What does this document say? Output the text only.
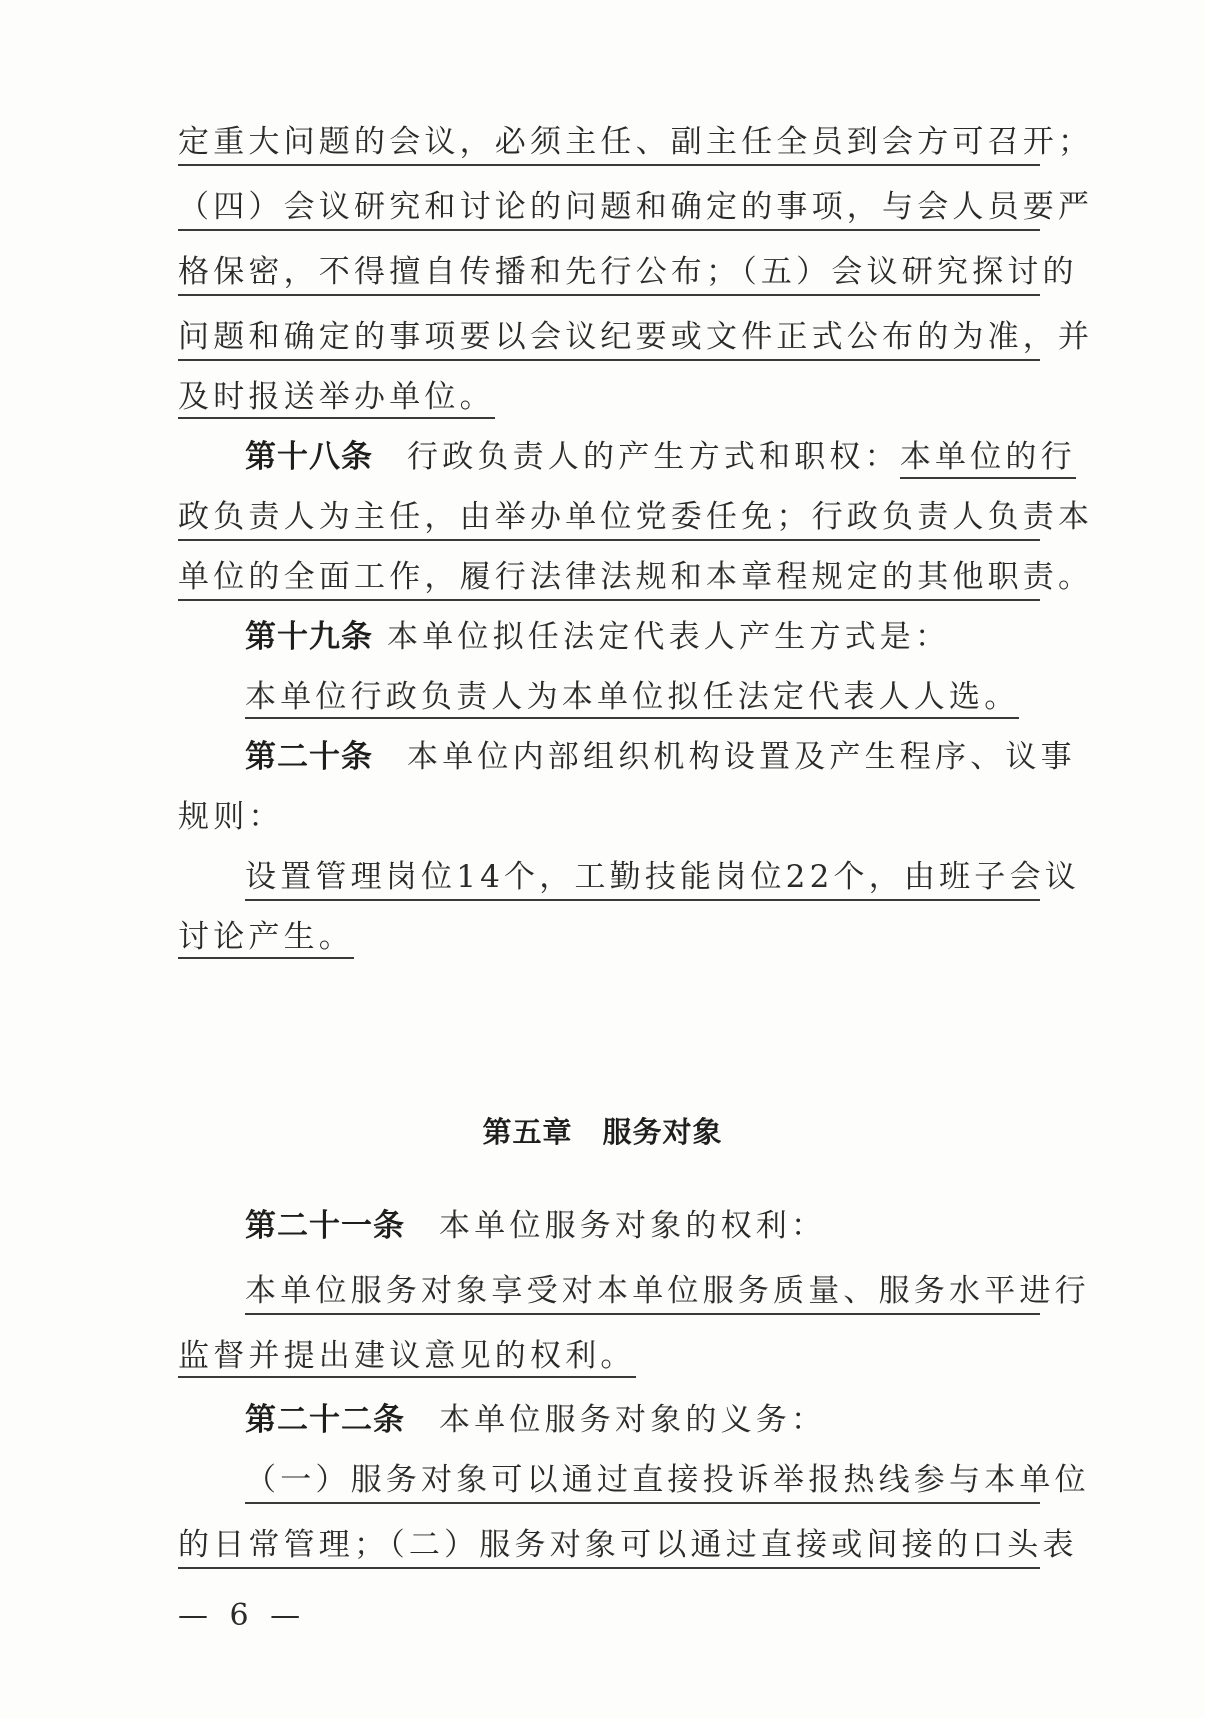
定重大问题的会议，必须主任、副主任全员到会方可召开；
（四）会议研究和讨论的问题和确定的事项，与会人员要严
格保密，不得擅自传播和先行公布；（五）会议研究探讨的
问题和确定的事项要以会议纪要或文件正式公布的为准，并
及时报送举办单位。
第十八条 行政负责人的产生方式和职权：本单位的行
政负责人为主任，由举办单位党委任免；行政负责人负责本
单位的全面工作，履行法律法规和本章程规定的其他职责。
第十九条 本单位拟任法定代表人产生方式是：
本单位行政负责人为本单位拟任法定代表人人选。
第二十条 本单位内部组织机构设置及产生程序、议事
规则：
设置管理岗位14个，工勤技能岗位22个，由班子会议
讨论产生。
第五章 服务对象
第二十一条 本单位服务对象的权利：
本单位服务对象享受对本单位服务质量、服务水平进行
监督并提出建议意见的权利。
第二十二条 本单位服务对象的义务：
（一）服务对象可以通过直接投诉举报热线参与本单位
的日常管理；（二）服务对象可以通过直接或间接的口头表
— 6 —
